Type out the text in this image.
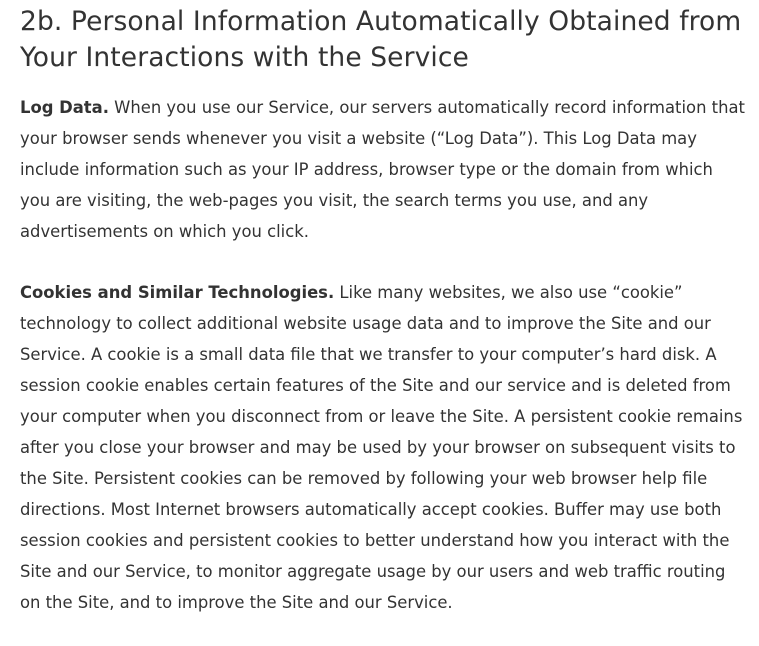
2b. Personal Information Automatically Obtained from Your Interactions with the Service

Log Data. When you use our Service, our servers automatically record information that your browser sends whenever you visit a website (“Log Data”). This Log Data may include information such as your IP address, browser type or the domain from which you are visiting, the web-pages you visit, the search terms you use, and any advertisements on which you click.

Cookies and Similar Technologies. Like many websites, we also use “cookie” technology to collect additional website usage data and to improve the Site and our Service. A cookie is a small data file that we transfer to your computer’s hard disk. A session cookie enables certain features of the Site and our service and is deleted from your computer when you disconnect from or leave the Site. A persistent cookie remains after you close your browser and may be used by your browser on subsequent visits to the Site. Persistent cookies can be removed by following your web browser help file directions. Most Internet browsers automatically accept cookies. Buffer may use both session cookies and persistent cookies to better understand how you interact with the Site and our Service, to monitor aggregate usage by our users and web traffic routing on the Site, and to improve the Site and our Service.
